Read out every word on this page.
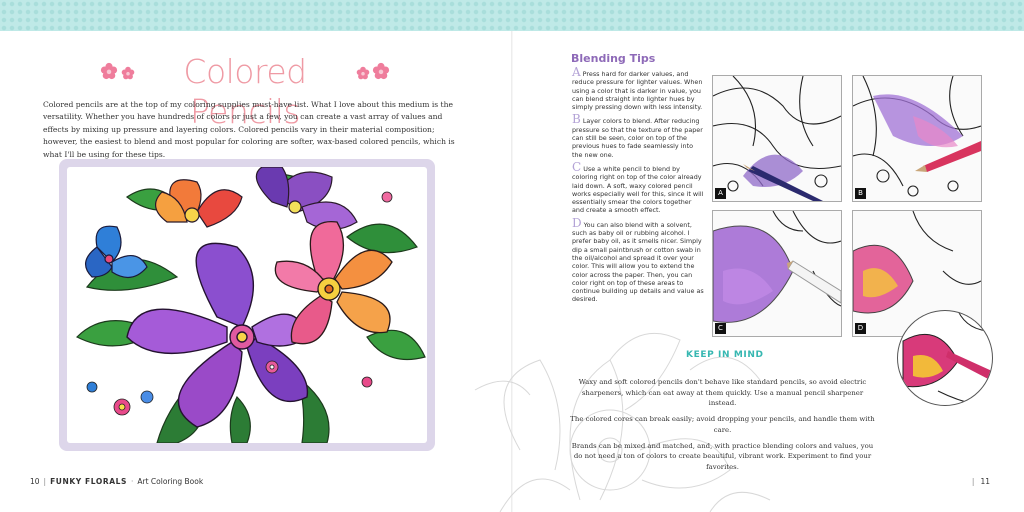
Colored Pencils

Colored pencils are at the top of my coloring supplies must-have list. What I love about this medium is the versatility. Whether you have hundreds of colors or just a few, you can create a vast array of values and effects by mixing up pressure and layering colors. Colored pencils vary in their material composition; however, the easiest to blend and most popular for coloring are softer, wax-based colored pencils, which is what I'll be using for these tips.

10 | FUNKY FLORALS · Art Coloring Book
Blending Tips

A Press hard for darker values, and reduce pressure for lighter values. When using a color that is darker in value, you can blend straight into lighter hues by simply pressing down with less intensity.

B Layer colors to blend. After reducing pressure so that the texture of the paper can still be seen, color on top of the previous hues to fade seamlessly into the new one.

C Use a white pencil to blend by coloring right on top of the color already laid down. A soft, waxy colored pencil works especially well for this, since it will essentially smear the colors together and create a smooth effect.

D You can also blend with a solvent, such as baby oil or rubbing alcohol. I prefer baby oil, as it smells nicer. Simply dip a small paintbrush or cotton swab in the oil/alcohol and spread it over your color. This will allow you to extend the color across the paper. Then, you can color right on top of these areas to continue building up details and value as desired.

A	B
C	D
KEEP IN MIND

Waxy and soft colored pencils don't behave like standard pencils, so avoid electric sharpeners, which can eat away at them quickly. Use a manual pencil sharpener instead.

The colored cores can break easily; avoid dropping your pencils, and handle them with care.

Brands can be mixed and matched, and, with practice blending colors and values, you do not need a ton of colors to create beautiful, vibrant work. Experiment to find your favorites.

| 11
